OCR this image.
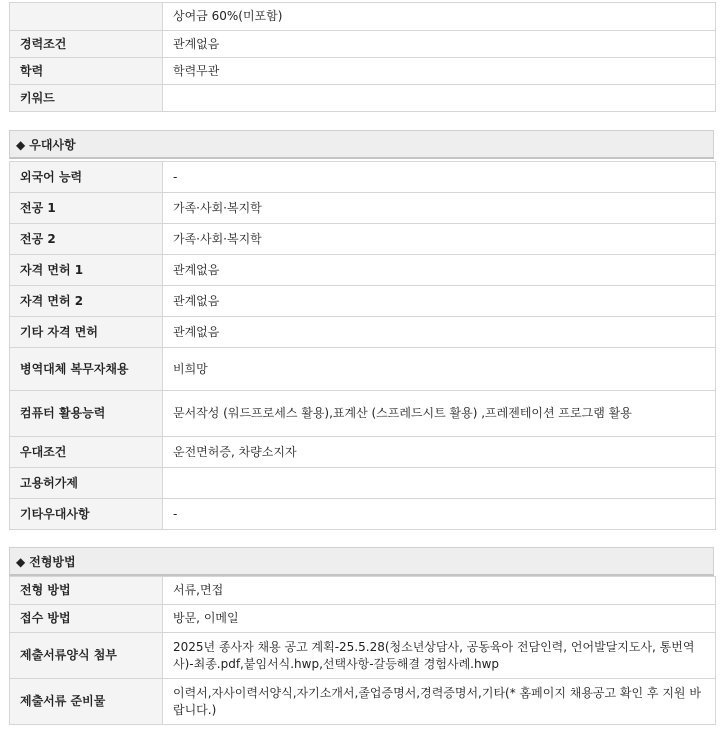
	상여금 60%(미포함)
경력조건	관계없음
학력	학력무관
키워드	
◆ 우대사항
외국어 능력	-
전공 1	가족·사회·복지학
전공 2	가족·사회·복지학
자격 면허 1	관계없음
자격 면허 2	관계없음
기타 자격 면허	관계없음
병역대체 복무자채용	비희망
컴퓨터 활용능력	문서작성 (워드프로세스 활용),표계산 (스프레드시트 활용) ,프레젠테이션 프로그램 활용
우대조건	운전면허증, 차량소지자
고용허가제	
기타우대사항	-
◆ 전형방법
전형 방법	서류,면접
접수 방법	방문, 이메일
제출서류양식 첨부	2025년 종사자 채용 공고 계획-25.5.28(청소년상담사, 공동육아 전담인력, 언어발달지도사, 통번역사)-최종.pdf,붙임서식.hwp,선택사항-갈등해결 경험사례.hwp
제출서류 준비물	이력서,자사이력서양식,자기소개서,졸업증명서,경력증명서,기타(* 홈페이지 채용공고 확인 후 지원 바랍니다.)
